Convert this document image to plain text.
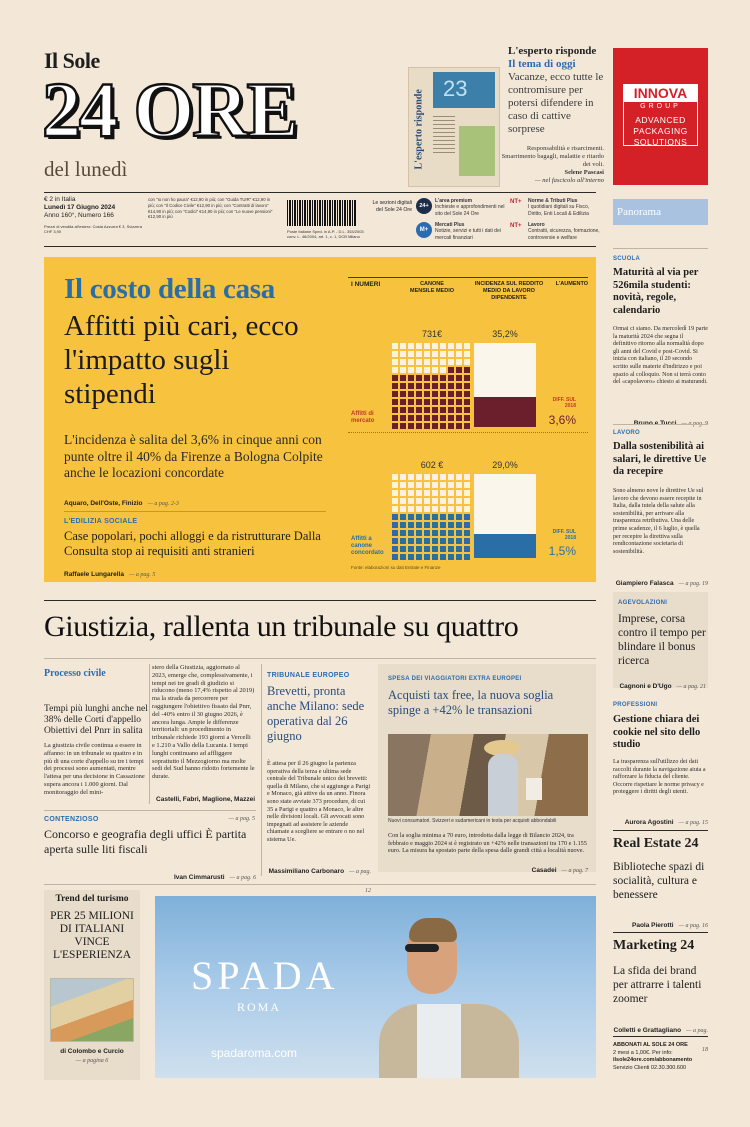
Il Sole
24 ORE
del lunedì	L'esperto risponde
23
L'esperto risponde
Il tema di oggi
Vacanze, ecco tutte le contromisure per potersi difendere in caso di cattive sorprese
Responsabilità e risarcimenti. Smarrimento bagagli, malattie e ritardo dei voli.
Selene Pascasi
— nel fascicolo all'interno
INNOVA
GROUP
ADVANCED
PACKAGING
SOLUTIONS
€ 2 in Italia
Lunedì 17 Giugno 2024
Anno 160°, Numero 166
Prezzi di vendita all'estero: Costa Azzurra € 3, Svizzera CHF 3,90
con "Io non ho paura" €12,90 in più; con "Guida TUIR" €12,90 in più; con "Il Codice Civile" €12,90 in più; con "Contratti di lavoro" €14,90 in più; con "Codici" €14,90 in più; con "Le nuove pensioni" €12,90 in più
Poste Italiane Sped. in A.P. - D.L. 353/2003 conv. L. 46/2004, art. 1, c. 1, DCB Milano
Le sezioni digitali del Sole 24 Ore
24+
L'area premium
Inchieste e approfondimenti nel sito del Sole 24 Ore
M+
Mercati Plus
Notizie, servizi e tutti i dati dei mercati finanziari
NT+ Norme & Tributi Plus
I quotidiani digitali su Fisco, Diritto, Enti Locali & Edilizia
NT+ Lavoro
Contratti, sicurezza, formazione, controversie e welfare
Il costo della casa
Affitti più cari, ecco l'impatto sugli stipendi
L'incidenza è salita del 3,6% in cinque anni con punte oltre il 40% da Firenze a Bologna Colpite anche le locazioni concordate
Aquaro, Dell'Oste, Finizio — a pag. 2-3
L'EDILIZIA SOCIALE
Case popolari, pochi alloggi e da ristrutturare Dalla Consulta stop ai requisiti anti stranieri
Raffaele Lungarella — a pag. 5
I NUMERI	CANONE MENSILE MEDIO
INCIDENZA SUL REDDITO MEDIO DA LAVORO DIPENDENTE
L'AUMENTO
731€	35,2%
Affitti di mercato
DIFF. SUL 2018
3,6%
602 €	29,0%
Affitti a canone concordato
DIFF. SUL 2018
1,5%
Fonte: elaborazioni su dati Entrate e Finanze
Giustizia, rallenta un tribunale su quattro
Processo civile
Tempi più lunghi anche nel 38% delle Corti d'appello Obiettivi del Pnrr in salita
La giustizia civile continua a essere in affanno: in un tribunale su quattro e in più di una corte d'appello su tre i tempi dei processi sono aumentati, mentre l'attesa per una decisione in Cassazione supera ancora i 1.000 giorni. Dal monitoraggio del mini-
stero della Giustizia, aggiornato al 2023, emerge che, complessivamente, i tempi nei tre gradi di giudizio si riducono (meno 17,4% rispetto al 2019) ma la strada da percorrere per raggiungere l'obiettivo fissato dal Pnrr, del -40% entro il 30 giugno 2026, è ancora lunga. Ampie le differenze territoriali: un procedimento in tribunale richiede 193 giorni a Vercelli e 1.210 a Vallo della Lucania. I tempi lunghi continuano ad affliggere soprattutto il Mezzogiorno ma molte sedi del Sud hanno ridotto fortemente le durate.
Castelli, Fabri, Maglione, Mazzei — a pag. 5
CONTENZIOSO
Concorso e geografia degli uffici È partita aperta sulle liti fiscali
Ivan Cimmarusti — a pag. 6
TRIBUNALE EUROPEO
Brevetti, pronta anche Milano: sede operativa dal 26 giugno
È attesa per il 26 giugno la partenza operativa della terza e ultima sede centrale del Tribunale unico dei brevetti: quella di Milano, che si aggiunge a Parigi e Monaco, già attive da un anno. Finora sono state avviate 373 procedure, di cui 35 a Parigi e quattro a Monaco, le altre nelle divisioni locali. Gli avvocati sono impegnati ad assistere le aziende chiamate a scegliere se entrare o no nel sistema Ue.
Massimiliano Carbonaro — a pag. 12
SPESA DEI VIAGGIATORI EXTRA EUROPEI
Acquisti tax free, la nuova soglia spinge a +42% le transazioni
Nuovi consumatori. Svizzeri e sudamericani in testa per acquisti abbondabili
Con la soglia minima a 70 euro, introdotta dalla legge di Bilancio 2024, tra febbraio e maggio 2024 si è registrato un +42% nelle transazioni tra 170 e 1.155 euro. La misura ha spostato parte della spesa dalle grandi città a località nuove.
Casadei — a pag. 7
Trend del turismo
PER 25 MILIONI DI ITALIANI VINCE L'ESPERIENZA
di Colombo e Curcio
— a pagina 6
SPADA
ROMA
spadaroma.com
Panorama
SCUOLA
Maturità al via per 526mila studenti: novità, regole, calendario
Ormai ci siamo. Da mercoledì 19 parte la maturità 2024 che segna il definitivo ritorno alla normalità dopo gli anni del Covid e post-Covid. Si inizia con italiano, il 20 secondo scritto sulle materie d'indirizzo e poi spazio al colloquio. Non si terrà conto del «capolavoro» chiesto ai maturandi.
LAVORO
Dalla sostenibilità ai salari, le direttive Ue da recepire
Sono almeno nove le direttive Ue sul lavoro che devono essere recepite in Italia, dalla tutela della salute alla sostenibilità, per arrivare alla trasparenza retributiva. Una delle prime scadenze, il 6 luglio, è quella per recepire la direttiva sulla rendicontazione societaria di sostenibilità.
Giampiero Falasca — a pag. 19
AGEVOLAZIONI
Imprese, corsa contro il tempo per blindare il bonus ricerca
Cagnoni e D'Ugo — a pag. 21
PROFESSIONI
Gestione chiara dei cookie nel sito dello studio
La trasparenza sull'utilizzo dei dati raccolti durante la navigazione aiuta a rafforzare la fiducia del cliente. Occorre rispettare le norme privacy e proteggere i diritti degli utenti.
Aurora Agostini — a pag. 15
Real Estate 24
Biblioteche spazi di socialità, cultura e benessere
Paola Pierotti — a pag. 16
Marketing 24
La sfida dei brand per attrarre i talenti zoomer
Colletti e Grattagliano — a pag. 18
ABBONATI AL SOLE 24 ORE
2 mesi a 1,00€. Per info:
ilsole24ore.com/abbonamento
Servizio Clienti 02.30.300.600
